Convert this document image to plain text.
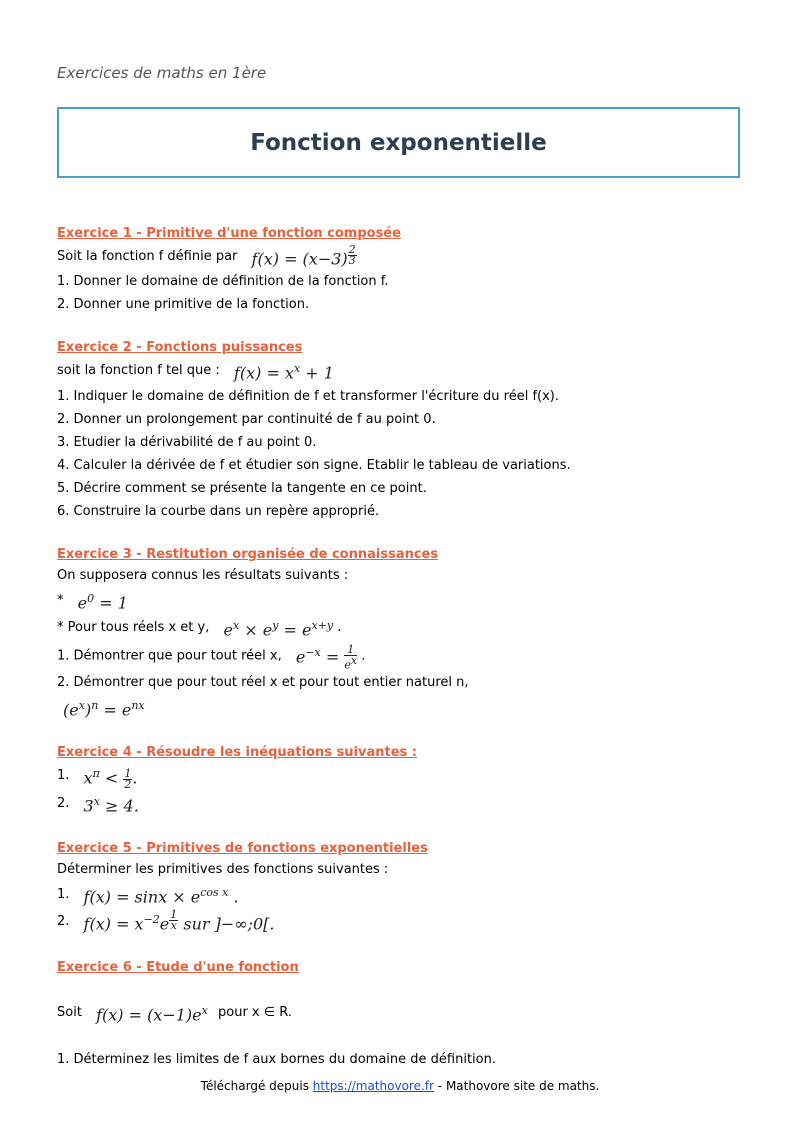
Exercices de maths en 1ère
Fonction exponentielle

Exercice 1 - Primitive d'une fonction composée

Soit la fonction f définie par f(x) = (x−3) $^{\frac{2}{3}}$
1. Donner le domaine de définition de la fonction f.
2. Donner une primitive de la fonction.

Exercice 2 - Fonctions puissances

soit la fonction f tel que : $f(x) = x^x + 1$
1. Indiquer le domaine de définition de f et transformer l'écriture du réel f(x).
2. Donner un prolongement par continuité de f au point 0.
3. Etudier la dérivabilité de f au point 0.
4. Calculer la dérivée de f et étudier son signe. Etablir le tableau de variations.
5. Décrire comment se présente la tangente en ce point.
6. Construire la courbe dans un repère approprié.

Exercice 3 - Restitution organisée de connaissances

On supposera connus les résultats suivants :
* $e^0 = 1$
* Pour tous réels x et y, $e^x \times e^y = e^{x+y}$ .
1. Démontrer que pour tout réel x, $e^{-x} = \frac{1}{e^x}$ .
2. Démontrer que pour tout réel x et pour tout entier naturel n,
$(e^x)^n = e^{nx}$

Exercice 4 - Résoudre les inéquations suivantes :

1. $x^\pi < \frac{1}{2}$ .
2. $3^x \ge 4$.

Exercice 5 - Primitives de fonctions exponentielles

Déterminer les primitives des fonctions suivantes :
1. $f(x) = \sin x \times e^{cos x}$ .
2. $f(x) = x^{-2}e$ $^{\frac{1}{x}}$ sur ]−∞;0[.

Exercice 6 - Etude d'une fonction

Soit $f(x) = (x-1)e^x$ pour x ∈ R.
1. Déterminez les limites de f aux bornes du domaine de définition.
Téléchargé depuis https://mathovore.fr - Mathovore site de maths.
